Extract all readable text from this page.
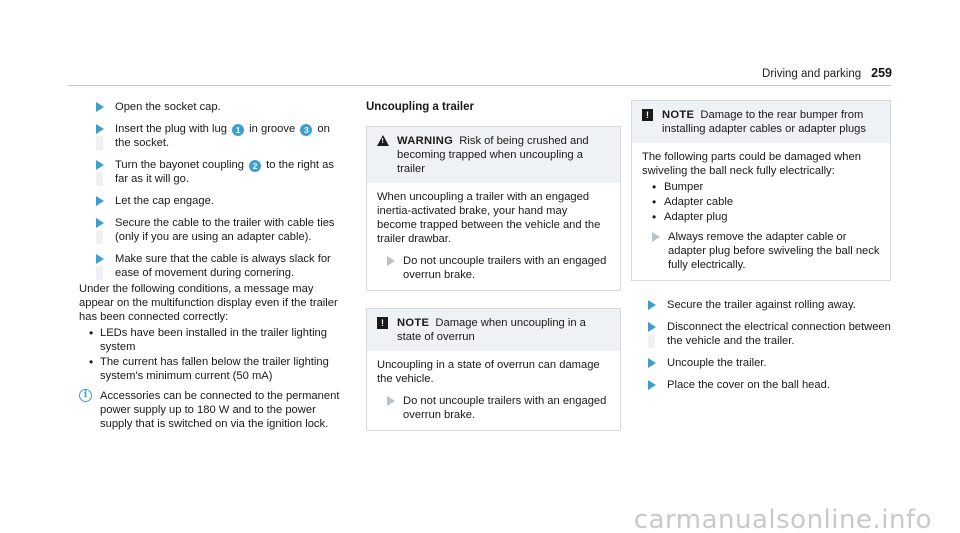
Driving and parking 259
Open the socket cap.
Insert the plug with lug 1 in groove 3 on the socket.
Turn the bayonet coupling 2 to the right as far as it will go.
Let the cap engage.
Secure the cable to the trailer with cable ties (only if you are using an adapter cable).
Make sure that the cable is always slack for ease of movement during cornering.

Under the following conditions, a message may appear on the multifunction display even if the trailer has been connected correctly:

• LEDs have been installed in the trailer lighting system
• The current has fallen below the trailer lighting system's minimum current (50 mA)
i	Accessories can be connected to the permanent power supply up to 180 W and to the power supply that is switched on via the ignition lock.
Uncoupling a trailer
!
WARNING Risk of being crushed and becoming trapped when uncoupling a trailer

When uncoupling a trailer with an engaged inertia-activated brake, your hand may become trapped between the vehicle and the trailer drawbar.

Do not uncouple trailers with an engaged overrun brake.
!	NOTE Damage when uncoupling in a state of overrun

Uncoupling in a state of overrun can damage the vehicle.

Do not uncouple trailers with an engaged overrun brake.
!	NOTE Damage to the rear bumper from installing adapter cables or adapter plugs

The following parts could be damaged when swiveling the ball neck fully electrically:

• Bumper
• Adapter cable
• Adapter plug
Always remove the adapter cable or adapter plug before swiveling the ball neck fully electrically.
Secure the trailer against rolling away.
Disconnect the electrical connection between the vehicle and the trailer.
Uncouple the trailer.
Place the cover on the ball head.
carmanualsonline.info
